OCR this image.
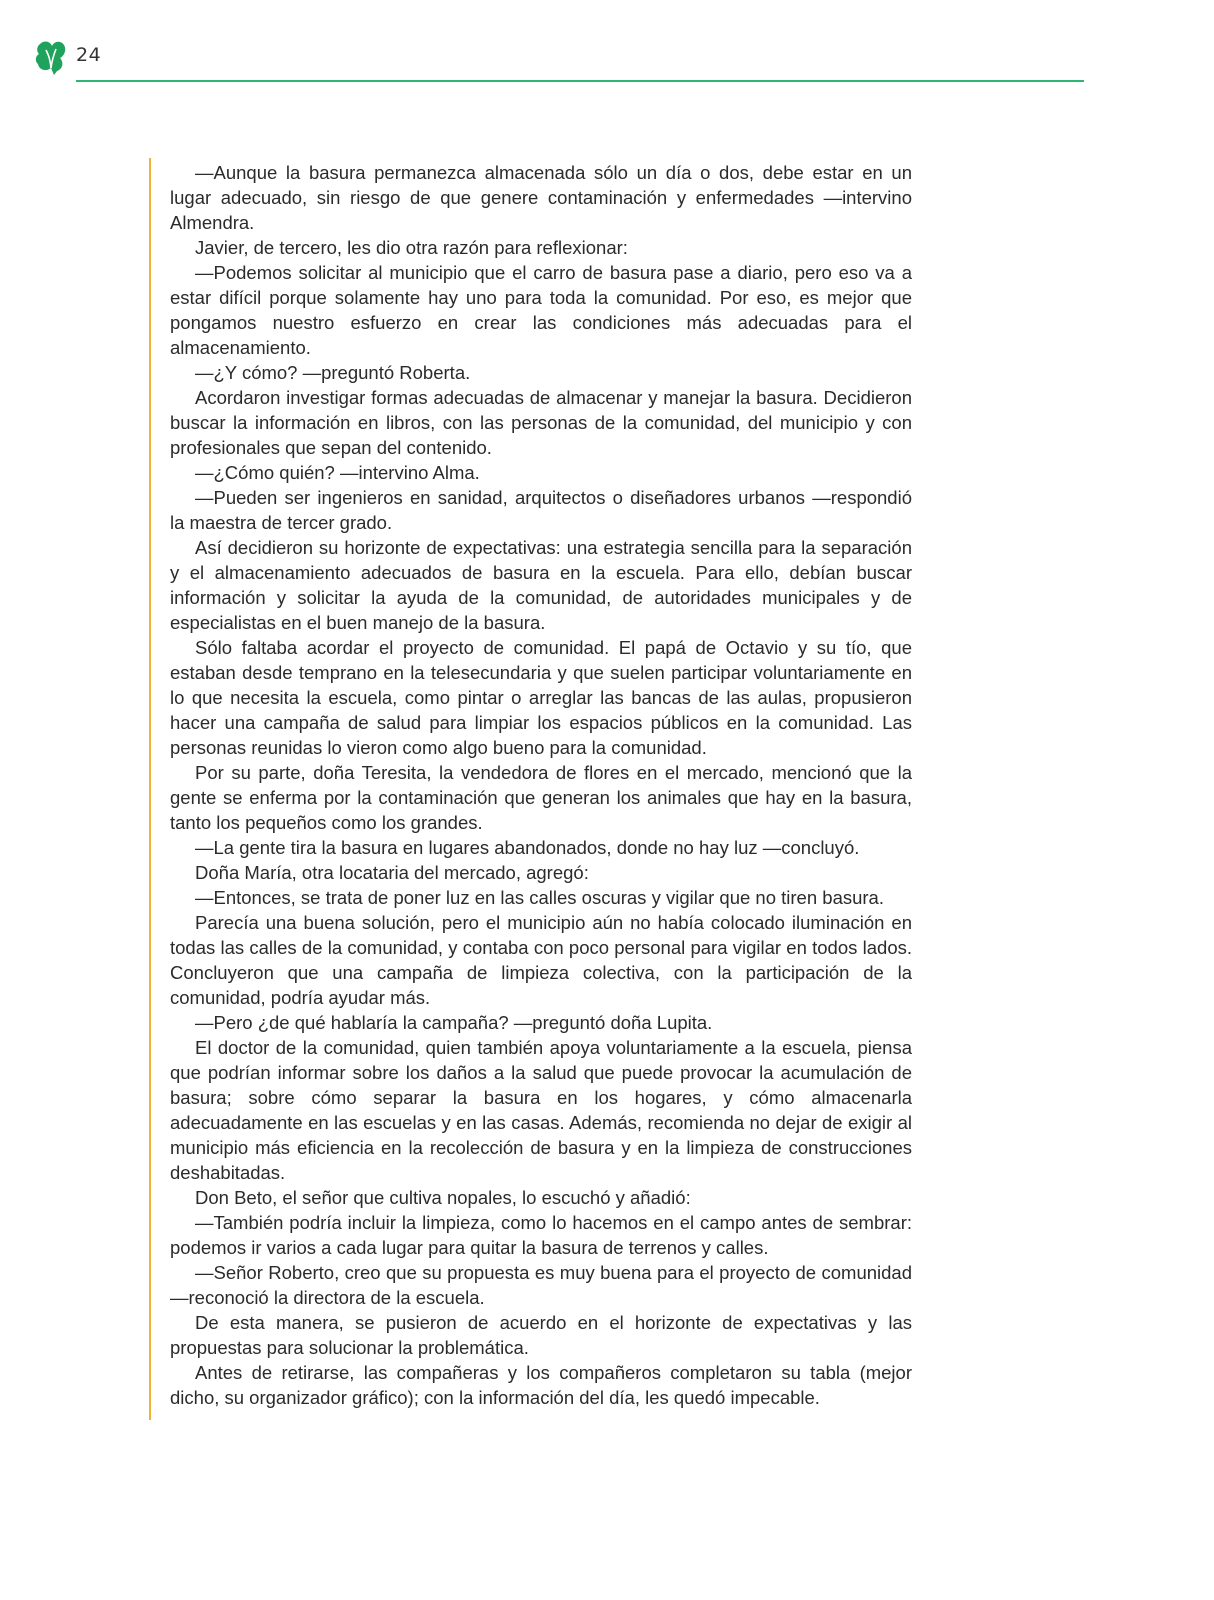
24

—Aunque la basura permanezca almacenada sólo un día o dos, debe estar en un lugar adecuado, sin riesgo de que genere contaminación y enfermedades —intervino Almendra.

Javier, de tercero, les dio otra razón para reflexionar:

—Podemos solicitar al municipio que el carro de basura pase a diario, pero eso va a estar difícil porque solamente hay uno para toda la comunidad. Por eso, es mejor que pongamos nuestro esfuerzo en crear las condiciones más adecuadas para el almacenamiento.

—¿Y cómo? —preguntó Roberta.

Acordaron investigar formas adecuadas de almacenar y manejar la basura. Decidieron buscar la información en libros, con las personas de la comunidad, del municipio y con profesionales que sepan del contenido.

—¿Cómo quién? —intervino Alma.

—Pueden ser ingenieros en sanidad, arquitectos o diseñadores urbanos —respondió la maestra de tercer grado.

Así decidieron su horizonte de expectativas: una estrategia sencilla para la separación y el almacenamiento adecuados de basura en la escuela. Para ello, debían buscar información y solicitar la ayuda de la comunidad, de autoridades municipales y de especialistas en el buen manejo de la basura.

Sólo faltaba acordar el proyecto de comunidad. El papá de Octavio y su tío, que estaban desde temprano en la telesecundaria y que suelen participar voluntariamente en lo que necesita la escuela, como pintar o arreglar las bancas de las aulas, propusieron hacer una campaña de salud para limpiar los espacios públicos en la comunidad. Las personas reunidas lo vieron como algo bueno para la comunidad.

Por su parte, doña Teresita, la vendedora de flores en el mercado, mencionó que la gente se enferma por la contaminación que generan los animales que hay en la basura, tanto los pequeños como los grandes.

—La gente tira la basura en lugares abandonados, donde no hay luz —concluyó.

Doña María, otra locataria del mercado, agregó:

—Entonces, se trata de poner luz en las calles oscuras y vigilar que no tiren basura.

Parecía una buena solución, pero el municipio aún no había colocado iluminación en todas las calles de la comunidad, y contaba con poco personal para vigilar en todos lados. Concluyeron que una campaña de limpieza colectiva, con la participación de la comunidad, podría ayudar más.

—Pero ¿de qué hablaría la campaña? —preguntó doña Lupita.

El doctor de la comunidad, quien también apoya voluntariamente a la escuela, piensa que podrían informar sobre los daños a la salud que puede provocar la acumulación de basura; sobre cómo separar la basura en los hogares, y cómo almacenarla adecuadamente en las escuelas y en las casas. Además, recomienda no dejar de exigir al municipio más eficiencia en la recolección de basura y en la limpieza de construcciones deshabitadas.

Don Beto, el señor que cultiva nopales, lo escuchó y añadió:

—También podría incluir la limpieza, como lo hacemos en el campo antes de sembrar: podemos ir varios a cada lugar para quitar la basura de terrenos y calles.

—Señor Roberto, creo que su propuesta es muy buena para el proyecto de comunidad —reconoció la directora de la escuela.

De esta manera, se pusieron de acuerdo en el horizonte de expectativas y las propuestas para solucionar la problemática.

Antes de retirarse, las compañeras y los compañeros completaron su tabla (mejor dicho, su organizador gráfico); con la información del día, les quedó impecable.
